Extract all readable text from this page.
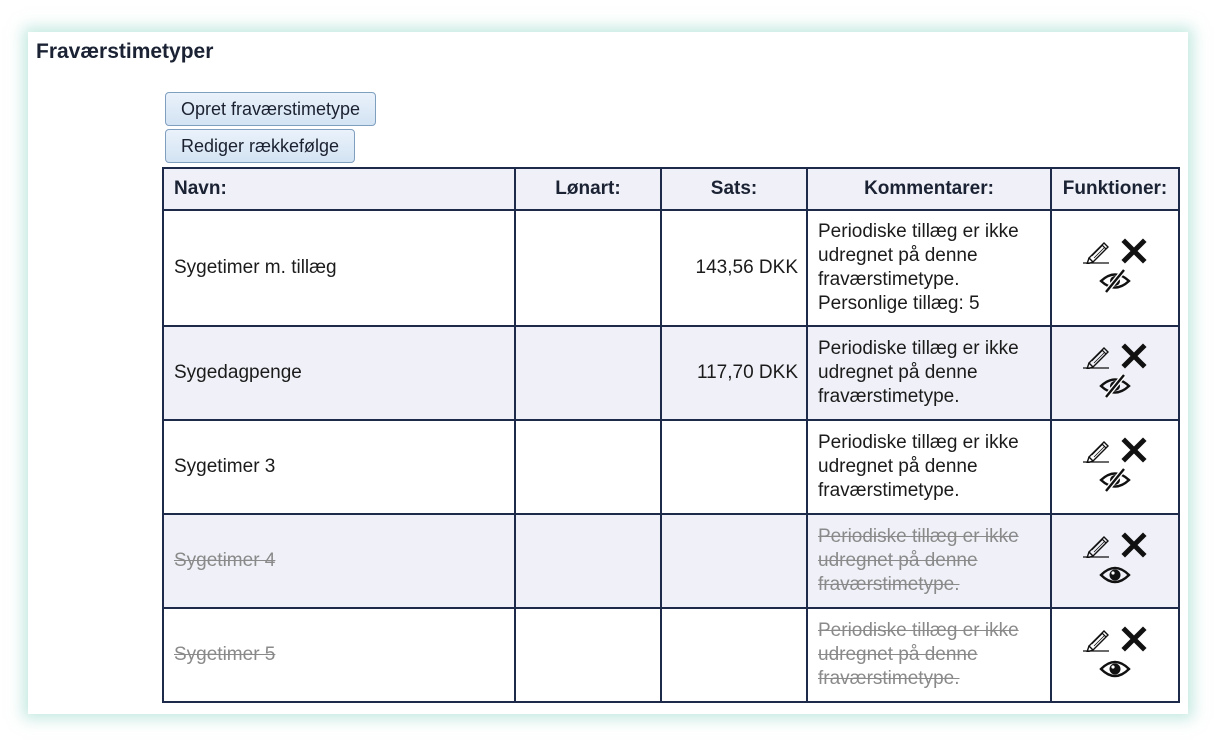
Fraværstimetyper
Opret fraværstimetype
Rediger rækkefølge
Navn:	Lønart:	Sats:	Kommentarer:	Funktioner:
Sygetimer m. tillæg		143,56 DKK	Periodiske tillæg er ikke
udregnet på denne
fraværstimetype.
Personlige tillæg: 5	

Sygedagpenge		117,70 DKK	Periodiske tillæg er ikke
udregnet på denne
fraværstimetype.	

Sygetimer 3			Periodiske tillæg er ikke
udregnet på denne
fraværstimetype.	

Sygetimer 4			Periodiske tillæg er ikke
udregnet på denne
fraværstimetype.	

Sygetimer 5			Periodiske tillæg er ikke
udregnet på denne
fraværstimetype.	
